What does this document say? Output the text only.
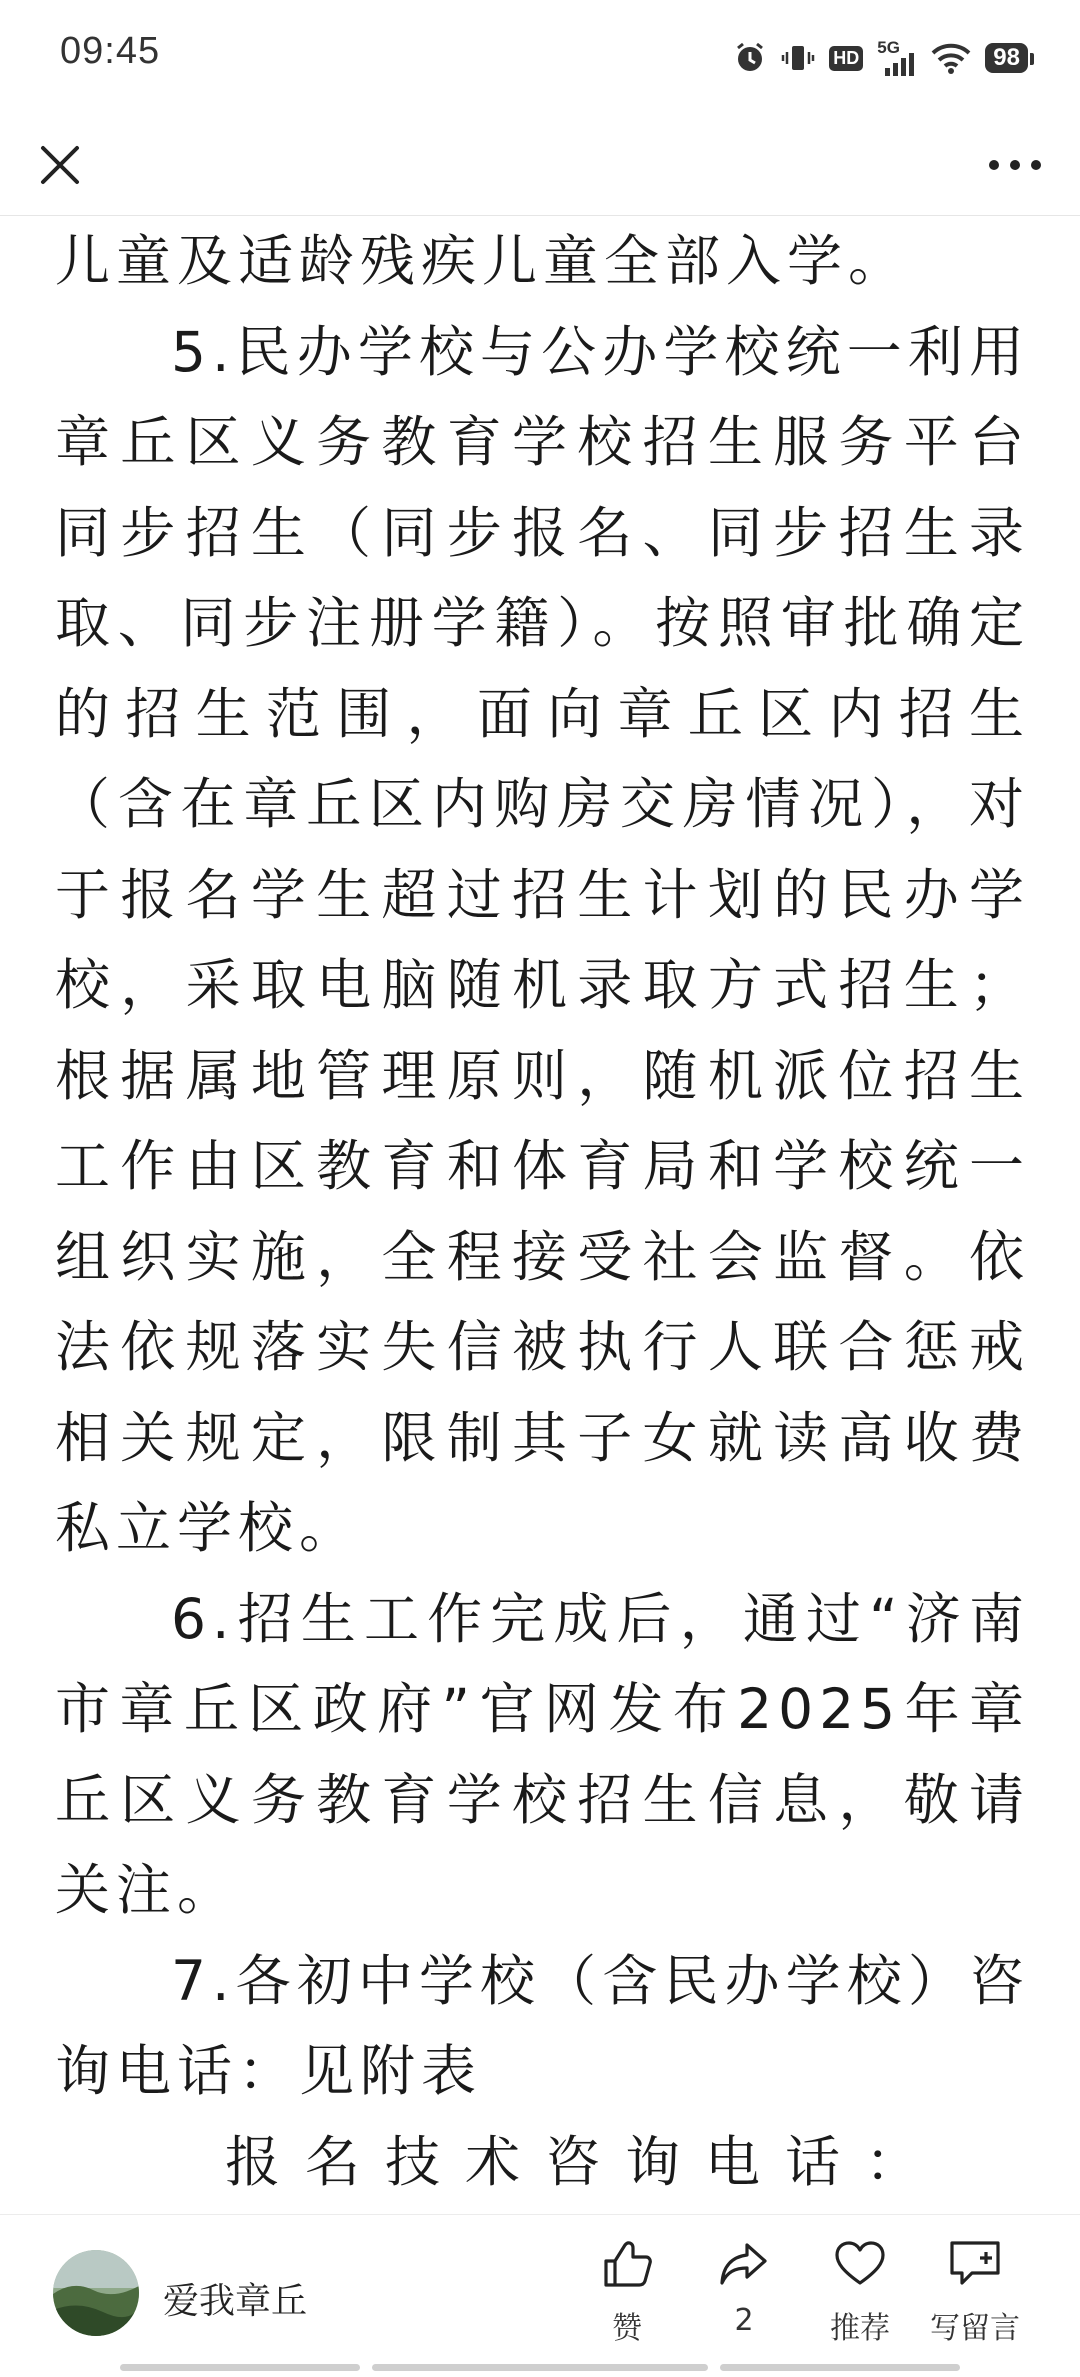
09:45	HD 5G	98

儿童及适龄残疾儿童全部入学。

5.民办学校与公办学校统一利用章丘区义务教育学校招生服务平台同步招生（同步报名、同步招生录取、同步注册学籍）。按照审批确定的招生范围，面向章丘区内招生（含在章丘区内购房交房情况），对于报名学生超过招生计划的民办学校，采取电脑随机录取方式招生；根据属地管理原则，随机派位招生工作由区教育和体育局和学校统一组织实施，全程接受社会监督。依法依规落实失信被执行人联合惩戒相关规定，限制其子女就读高收费私立学校。

6.招生工作完成后，通过“济南市章丘区政府”官网发布2025年章丘区义务教育学校招生信息，敬请关注。

7.各初中学校（含民办学校）咨询电话：见附表

报名技术咨询电话：

爱我章丘
赞	2	推荐	写留言
